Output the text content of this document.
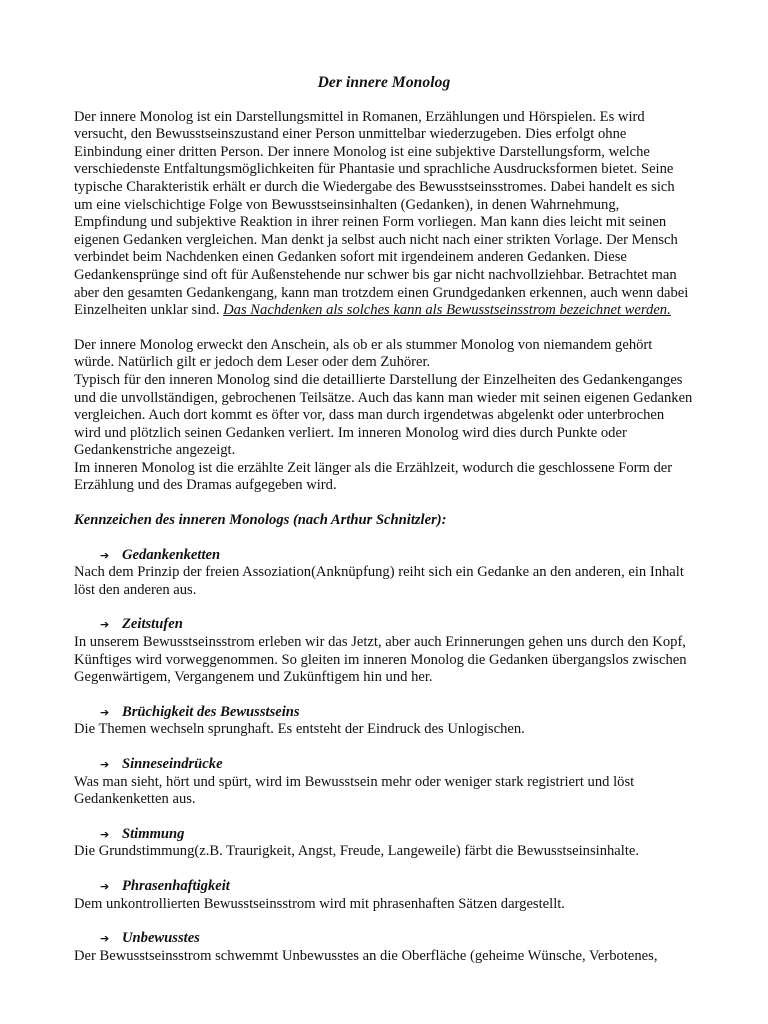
Der innere Monolog

Der innere Monolog ist ein Darstellungsmittel in Romanen, Erzählungen und Hörspielen. Es wird versucht, den Bewusstseinszustand einer Person unmittelbar wiederzugeben. Dies erfolgt ohne Einbindung einer dritten Person. Der innere Monolog ist eine subjektive Darstellungsform, welche verschiedenste Entfaltungsmöglichkeiten für Phantasie und sprachliche Ausdrucksformen bietet. Seine typische Charakteristik erhält er durch die Wiedergabe des Bewusstseinsstromes. Dabei handelt es sich um eine vielschichtige Folge von Bewusstseinsinhalten (Gedanken), in denen Wahrnehmung, Empfindung und subjektive Reaktion in ihrer reinen Form vorliegen. Man kann dies leicht mit seinen eigenen Gedanken vergleichen. Man denkt ja selbst auch nicht nach einer strikten Vorlage. Der Mensch verbindet beim Nachdenken einen Gedanken sofort mit irgendeinem anderen Gedanken. Diese Gedankensprünge sind oft für Außenstehende nur schwer bis gar nicht nachvollziehbar. Betrachtet man aber den gesamten Gedankengang, kann man trotzdem einen Grundgedanken erkennen, auch wenn dabei Einzelheiten unklar sind. Das Nachdenken als solches kann als Bewusstseinsstrom bezeichnet werden.

Der innere Monolog erweckt den Anschein, als ob er als stummer Monolog von niemandem gehört würde. Natürlich gilt er jedoch dem Leser oder dem Zuhörer.

Typisch für den inneren Monolog sind die detaillierte Darstellung der Einzelheiten des Gedankenganges und die unvollständigen, gebrochenen Teilsätze. Auch das kann man wieder mit seinen eigenen Gedanken vergleichen. Auch dort kommt es öfter vor, dass man durch irgendetwas abgelenkt oder unterbrochen wird und plötzlich seinen Gedanken verliert. Im inneren Monolog wird dies durch Punkte oder Gedankenstriche angezeigt.

Im inneren Monolog ist die erzählte Zeit länger als die Erzählzeit, wodurch die geschlossene Form der Erzählung und des Dramas aufgegeben wird.

Kennzeichen des inneren Monologs (nach Arthur Schnitzler):
➔ Gedankenketten

Nach dem Prinzip der freien Assoziation(Anknüpfung) reiht sich ein Gedanke an den anderen, ein Inhalt löst den anderen aus.

➔ Zeitstufen

In unserem Bewusstseinsstrom erleben wir das Jetzt, aber auch Erinnerungen gehen uns durch den Kopf, Künftiges wird vorweggenommen. So gleiten im inneren Monolog die Gedanken übergangslos zwischen Gegenwärtigem, Vergangenem und Zukünftigem hin und her.

➔ Brüchigkeit des Bewusstseins

Die Themen wechseln sprunghaft. Es entsteht der Eindruck des Unlogischen.

➔ Sinneseindrücke

Was man sieht, hört und spürt, wird im Bewusstsein mehr oder weniger stark registriert und löst Gedankenketten aus.

➔ Stimmung

Die Grundstimmung(z.B. Traurigkeit, Angst, Freude, Langeweile) färbt die Bewusstseinsinhalte.

➔ Phrasenhaftigkeit

Dem unkontrollierten Bewusstseinsstrom wird mit phrasenhaften Sätzen dargestellt.

➔ Unbewusstes

Der Bewusstseinsstrom schwemmt Unbewusstes an die Oberfläche (geheime Wünsche, Verbotenes,
